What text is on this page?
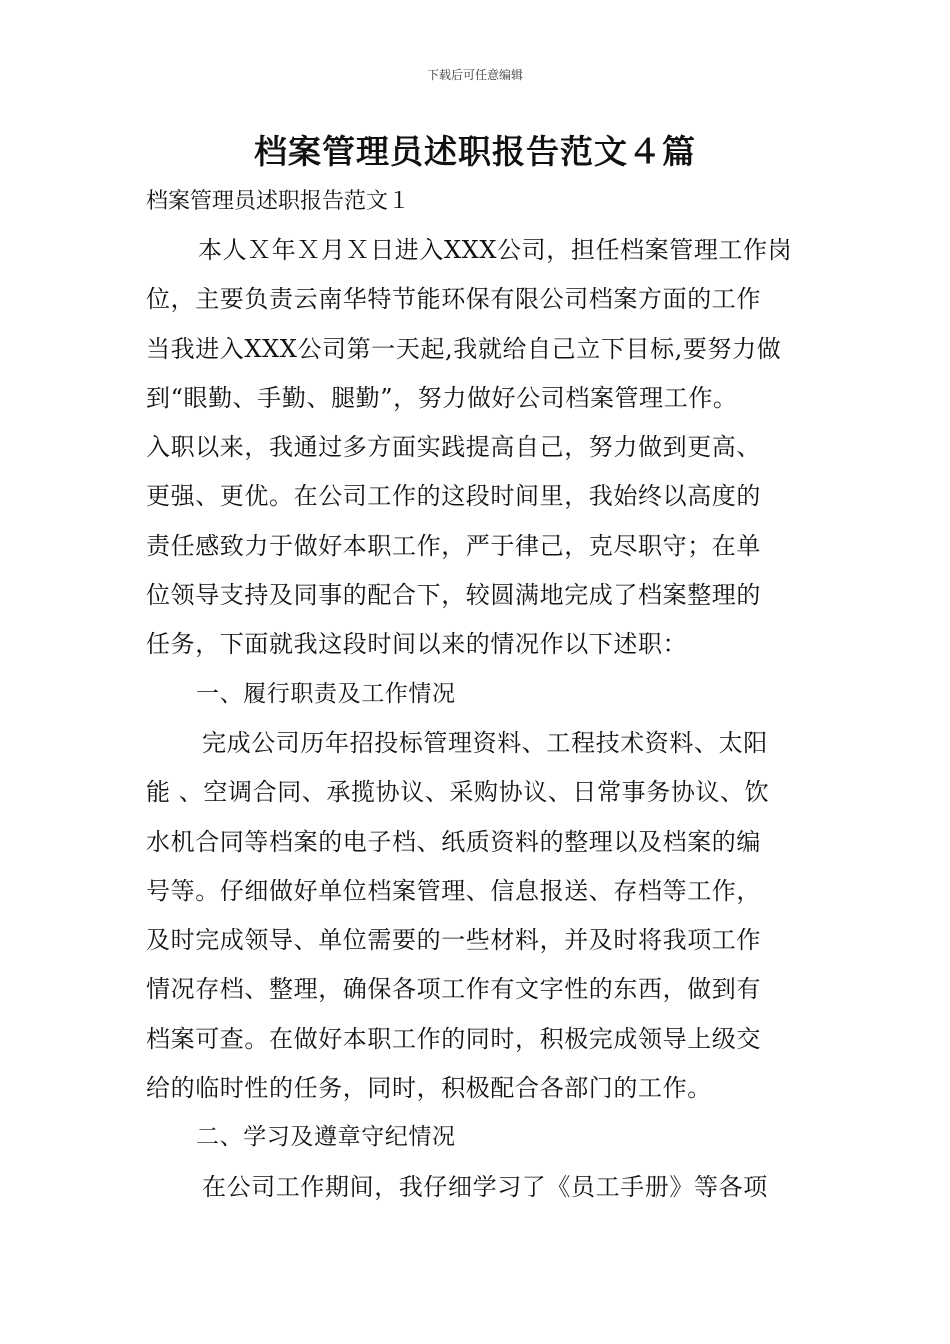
下载后可任意编辑
档案管理员述职报告范文４篇
档案管理员述职报告范文１
本人Ｘ年Ｘ月Ｘ日进入XXX公司，担任档案管理工作岗
位，主要负责云南华特节能环保有限公司档案方面的工作
当我进入XXX公司第一天起,我就给自己立下目标,要努力做
到“眼勤、手勤、腿勤”，努力做好公司档案管理工作。
入职以来，我通过多方面实践提高自己，努力做到更高、
更强、更优。在公司工作的这段时间里，我始终以高度的
责任感致力于做好本职工作，严于律己，克尽职守；在单
位领导支持及同事的配合下，较圆满地完成了档案整理的
任务，下面就我这段时间以来的情况作以下述职：
一、履行职责及工作情况
完成公司历年招投标管理资料、工程技术资料、太阳
能 、空调合同、承揽协议、采购协议、日常事务协议、饮
水机合同等档案的电子档、纸质资料的整理以及档案的编
号等。仔细做好单位档案管理、信息报送、存档等工作，
及时完成领导、单位需要的一些材料，并及时将我项工作
情况存档、整理，确保各项工作有文字性的东西，做到有
档案可查。在做好本职工作的同时，积极完成领导上级交
给的临时性的任务，同时，积极配合各部门的工作。
二、学习及遵章守纪情况
在公司工作期间，我仔细学习了《员工手册》等各项
